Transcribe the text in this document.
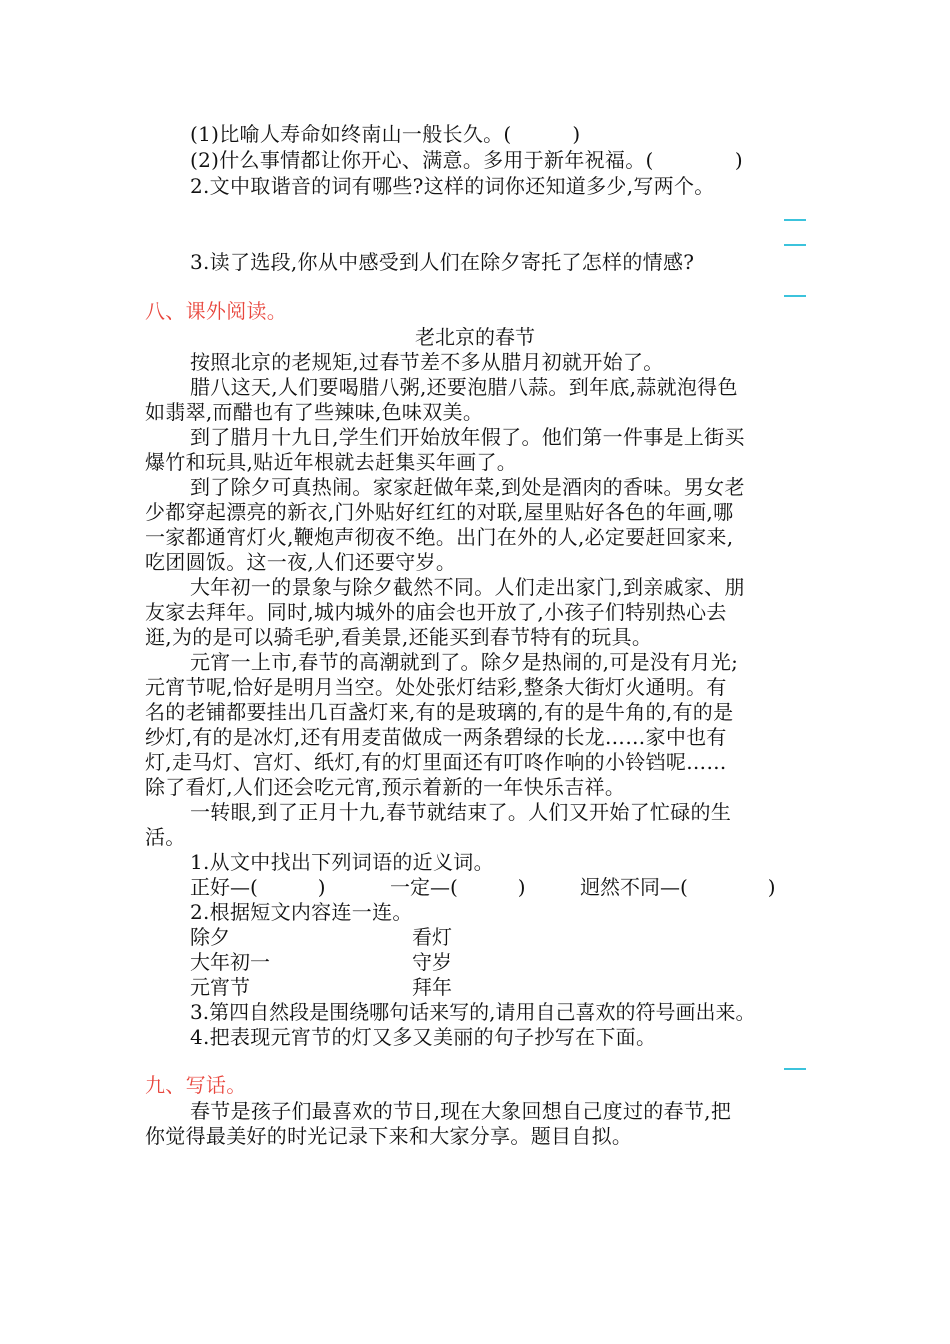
(1)比喻人寿命如终南山一般长久。(　　　)
(2)什么事情都让你开心、满意。多用于新年祝福。(　　　　)
2.文中取谐音的词有哪些?这样的词你还知道多少,写两个。
3.读了选段,你从中感受到人们在除夕寄托了怎样的情感?
八、课外阅读。
老北京的春节
按照北京的老规矩,过春节差不多从腊月初就开始了。
腊八这天,人们要喝腊八粥,还要泡腊八蒜。到年底,蒜就泡得色
如翡翠,而醋也有了些辣味,色味双美。
到了腊月十九日,学生们开始放年假了。他们第一件事是上街买
爆竹和玩具,贴近年根就去赶集买年画了。
到了除夕可真热闹。家家赶做年菜,到处是酒肉的香味。男女老
少都穿起漂亮的新衣,门外贴好红红的对联,屋里贴好各色的年画,哪
一家都通宵灯火,鞭炮声彻夜不绝。出门在外的人,必定要赶回家来,
吃团圆饭。这一夜,人们还要守岁。
大年初一的景象与除夕截然不同。人们走出家门,到亲戚家、朋
友家去拜年。同时,城内城外的庙会也开放了,小孩子们特别热心去
逛,为的是可以骑毛驴,看美景,还能买到春节特有的玩具。
元宵一上市,春节的高潮就到了。除夕是热闹的,可是没有月光;
元宵节呢,恰好是明月当空。处处张灯结彩,整条大街灯火通明。有
名的老铺都要挂出几百盏灯来,有的是玻璃的,有的是牛角的,有的是
纱灯,有的是冰灯,还有用麦苗做成一两条碧绿的长龙……家中也有
灯,走马灯、宫灯、纸灯,有的灯里面还有叮咚作响的小铃铛呢……
除了看灯,人们还会吃元宵,预示着新的一年快乐吉祥。
一转眼,到了正月十九,春节就结束了。人们又开始了忙碌的生
活。
1.从文中找出下列词语的近义词。
正好—(　　　)	一定—(　　　)	迥然不同—(　　　　)
2.根据短文内容连一连。
除夕	看灯
大年初一	守岁
元宵节	拜年
3.第四自然段是围绕哪句话来写的,请用自己喜欢的符号画出来。
4.把表现元宵节的灯又多又美丽的句子抄写在下面。
九、写话。
春节是孩子们最喜欢的节日,现在大象回想自己度过的春节,把
你觉得最美好的时光记录下来和大家分享。题目自拟。
